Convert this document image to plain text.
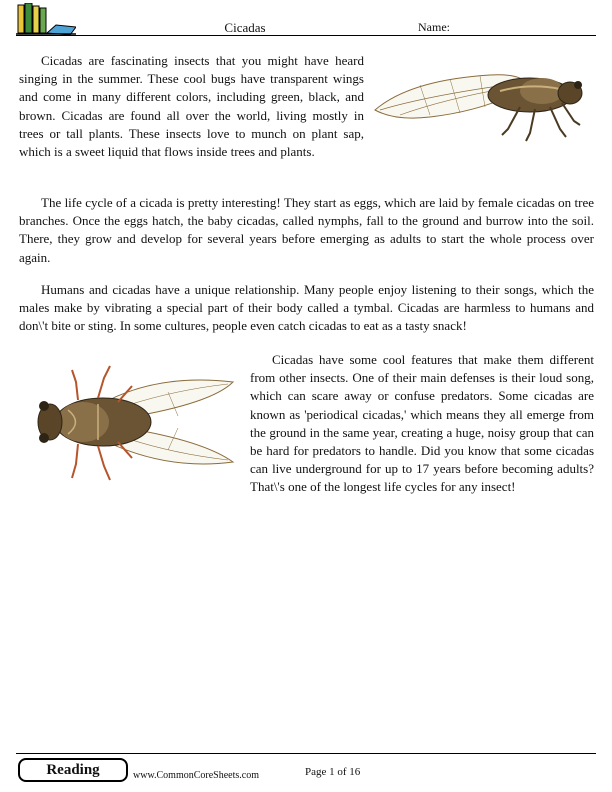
Cicadas	Name:

Cicadas are fascinating insects that you might have heard singing in the summer. These cool bugs have transparent wings and come in many different colors, including green, black, and brown. Cicadas are found all over the world, living mostly in trees or tall plants. These insects love to munch on plant sap, which is a sweet liquid that flows inside trees and plants.

The life cycle of a cicada is pretty interesting! They start as eggs, which are laid by female cicadas on tree branches. Once the eggs hatch, the baby cicadas, called nymphs, fall to the ground and burrow into the soil. There, they grow and develop for several years before emerging as adults to start the whole process over again.

Humans and cicadas have a unique relationship. Many people enjoy listening to their songs, which the males make by vibrating a special part of their body called a tymbal. Cicadas are harmless to humans and don\'t bite or sting. In some cultures, people even catch cicadas to eat as a tasty snack!

Cicadas have some cool features that make them different from other insects. One of their main defenses is their loud song, which can scare away or confuse predators. Some cicadas are known as 'periodical cicadas,' which means they all emerge from the ground in the same year, creating a huge, noisy group that can be hard for predators to handle. Did you know that some cicadas can live underground for up to 17 years before becoming adults? That\'s one of the longest life cycles for any insect!

Reading	www.CommonCoreSheets.com	Page 1 of 16
